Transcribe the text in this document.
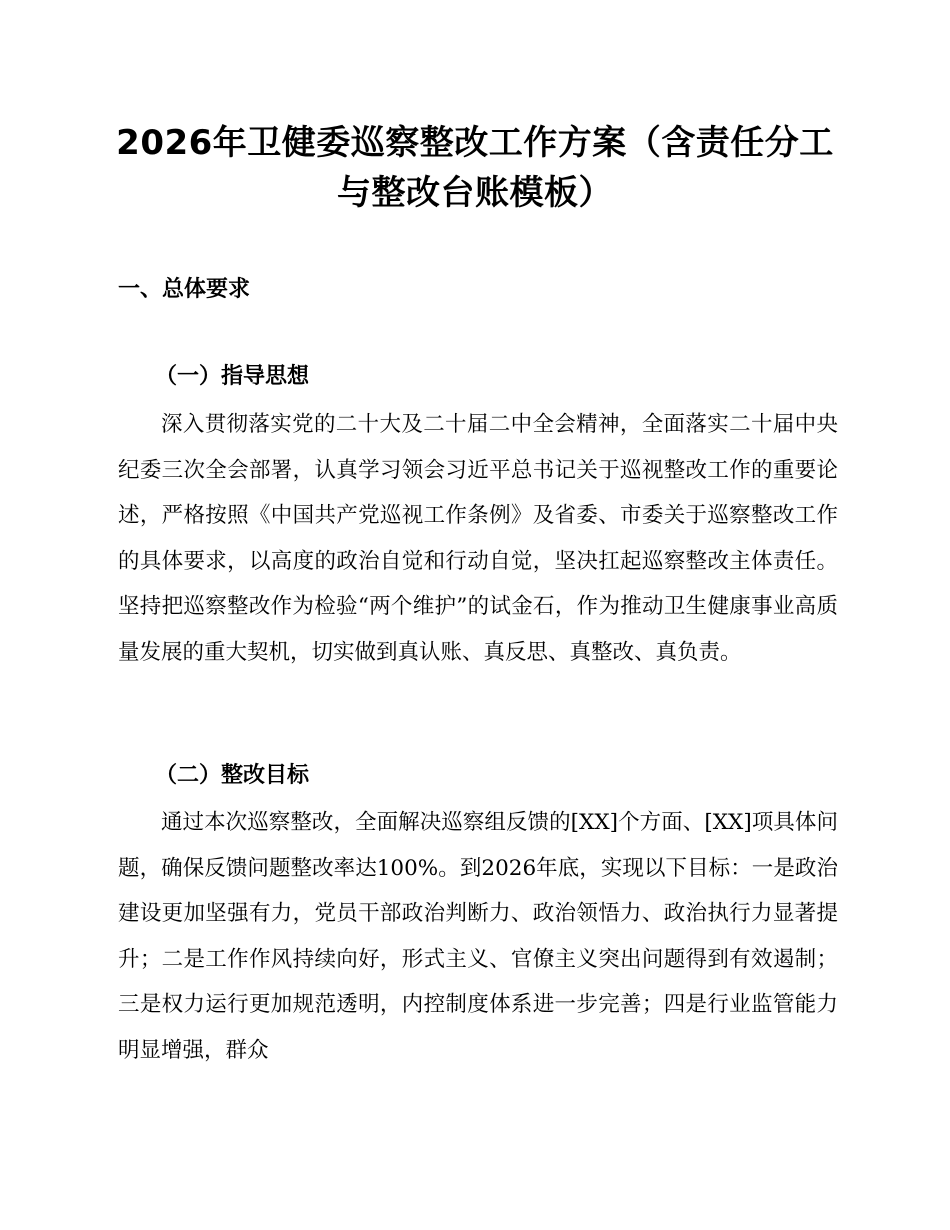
2026年卫健委巡察整改工作方案（含责任分工
与整改台账模板）
一、总体要求
（一）指导思想

深入贯彻落实党的二十大及二十届二中全会精神，全面落实二十届中央纪委三次全会部署，认真学习领会习近平总书记关于巡视整改工作的重要论述，严格按照《中国共产党巡视工作条例》及省委、市委关于巡察整改工作的具体要求，以高度的政治自觉和行动自觉，坚决扛起巡察整改主体责任。坚持把巡察整改作为检验“两个维护”的试金石，作为推动卫生健康事业高质量发展的重大契机，切实做到真认账、真反思、真整改、真负责。

（二）整改目标

通过本次巡察整改，全面解决巡察组反馈的[XX]个方面、[XX]项具体问题，确保反馈问题整改率达100%。到2026年底，实现以下目标：一是政治建设更加坚强有力，党员干部政治判断力、政治领悟力、政治执行力显著提升；二是工作作风持续向好，形式主义、官僚主义突出问题得到有效遏制；三是权力运行更加规范透明，内控制度体系进一步完善；四是行业监管能力明显增强，群众
